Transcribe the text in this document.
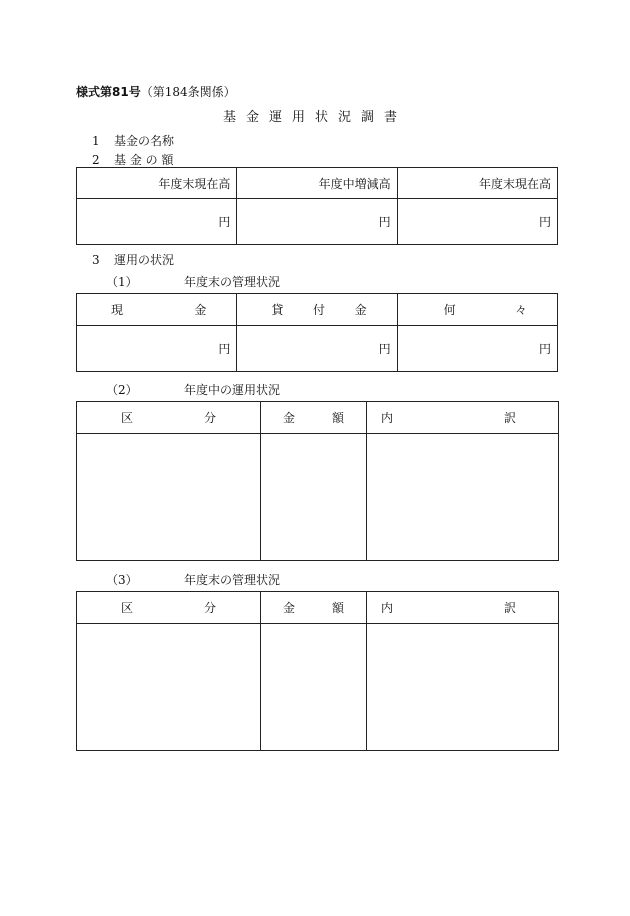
様式第81号（第184条関係）
基金運用状況調書
1 基金の名称
2 基 金 の 額
年度末現在高	年度中増減高	年度末現在高
円	円	円
3 運用の状況
（1）	年度末の管理状況
現 金	貸 付 金	何 々

円	円	円
（2）	年度中の運用状況
区 分	金 額	内 訳

（3）	年度末の管理状況
区 分	金 額	内 訳
